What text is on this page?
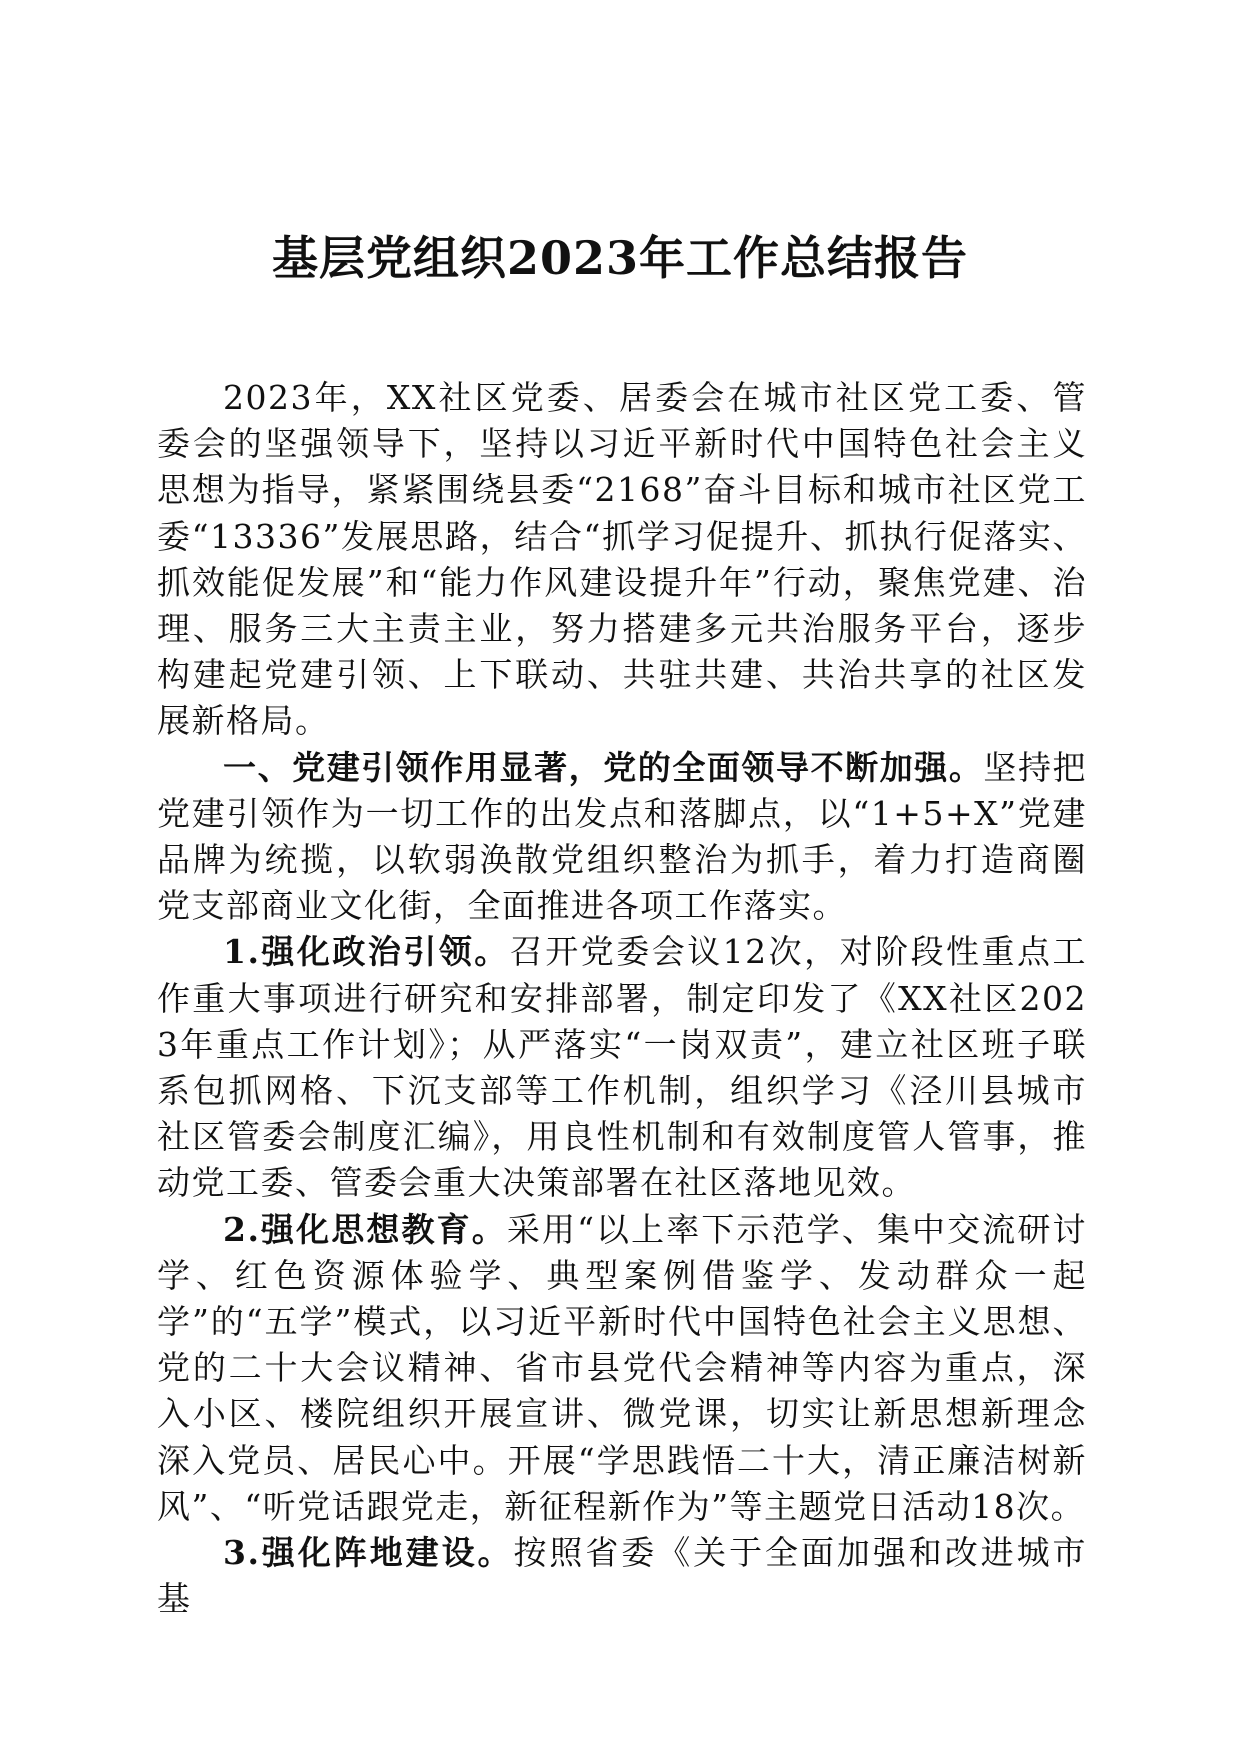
基层党组织2023年工作总结报告

2023年，XX社区党委、居委会在城市社区党工委、管委会的坚强领导下，坚持以习近平新时代中国特色社会主义思想为指导，紧紧围绕县委“2168”奋斗目标和城市社区党工委“13336”发展思路，结合“抓学习促提升、抓执行促落实、抓效能促发展”和“能力作风建设提升年”行动，聚焦党建、治理、服务三大主责主业，努力搭建多元共治服务平台，逐步构建起党建引领、上下联动、共驻共建、共治共享的社区发展新格局。

一、党建引领作用显著，党的全面领导不断加强。坚持把党建引领作为一切工作的出发点和落脚点，以“1+5+X”党建品牌为统揽，以软弱涣散党组织整治为抓手，着力打造商圈党支部商业文化街，全面推进各项工作落实。

1.强化政治引领。召开党委会议12次，对阶段性重点工作重大事项进行研究和安排部署，制定印发了《XX社区2023年重点工作计划》；从严落实“一岗双责”，建立社区班子联系包抓网格、下沉支部等工作机制，组织学习《泾川县城市社区管委会制度汇编》，用良性机制和有效制度管人管事，推动党工委、管委会重大决策部署在社区落地见效。

2.强化思想教育。采用“以上率下示范学、集中交流研讨学、红色资源体验学、典型案例借鉴学、发动群众一起学”的“五学”模式，以习近平新时代中国特色社会主义思想、党的二十大会议精神、省市县党代会精神等内容为重点，深入小区、楼院组织开展宣讲、微党课，切实让新思想新理念深入党员、居民心中。开展“学思践悟二十大，清正廉洁树新风”、“听党话跟党走，新征程新作为”等主题党日活动18次。

3.强化阵地建设。按照省委《关于全面加强和改进城市基
